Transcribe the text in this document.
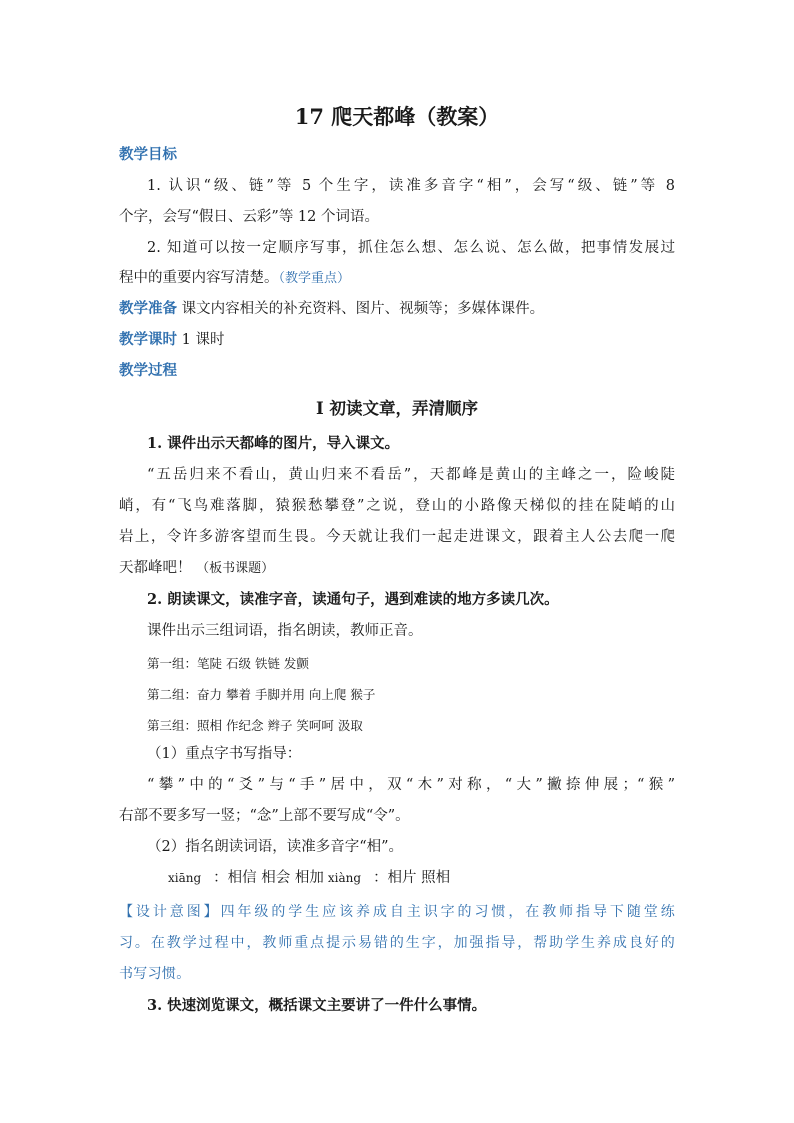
17 爬天都峰（教案）
教学目标
1. 认识“级、链”等 5 个生字，读准多音字“相”，会写“级、链”等 8
个字，会写“假日、云彩”等 12 个词语。
2. 知道可以按一定顺序写事，抓住怎么想、怎么说、怎么做，把事情发展过
程中的重要内容写清楚。（教学重点）
教学准备 课文内容相关的补充资料、图片、视频等；多媒体课件。
教学课时 1 课时
教学过程
Ⅰ 初读文章，弄清顺序
1. 课件出示天都峰的图片，导入课文。
“五岳归来不看山，黄山归来不看岳”，天都峰是黄山的主峰之一，险峻陡
峭，有“飞鸟难落脚，猿猴愁攀登”之说，登山的小路像天梯似的挂在陡峭的山
岩上，令许多游客望而生畏。今天就让我们一起走进课文，跟着主人公去爬一爬
天都峰吧！ （板书课题）
2. 朗读课文，读准字音，读通句子，遇到难读的地方多读几次。
课件出示三组词语，指名朗读，教师正音。
第一组：笔陡 石级 铁链 发颤
第二组：奋力 攀着 手脚并用 向上爬 猴子
第三组：照相 作纪念 辫子 笑呵呵 汲取
（1）重点字书写指导：
“攀”中的“爻”与“手”居中，双“木”对称，“大”撇捺伸展；“猴”
右部不要多写一竖；“念”上部不要写成“令”。
（2）指名朗读词语，读准多音字“相”。
xiāng ：相信 相会 相加 xiàng ：相片 照相
【设计意图】四年级的学生应该养成自主识字的习惯，在教师指导下随堂练
习。在教学过程中，教师重点提示易错的生字，加强指导，帮助学生养成良好的
书写习惯。
3. 快速浏览课文，概括课文主要讲了一件什么事情。
